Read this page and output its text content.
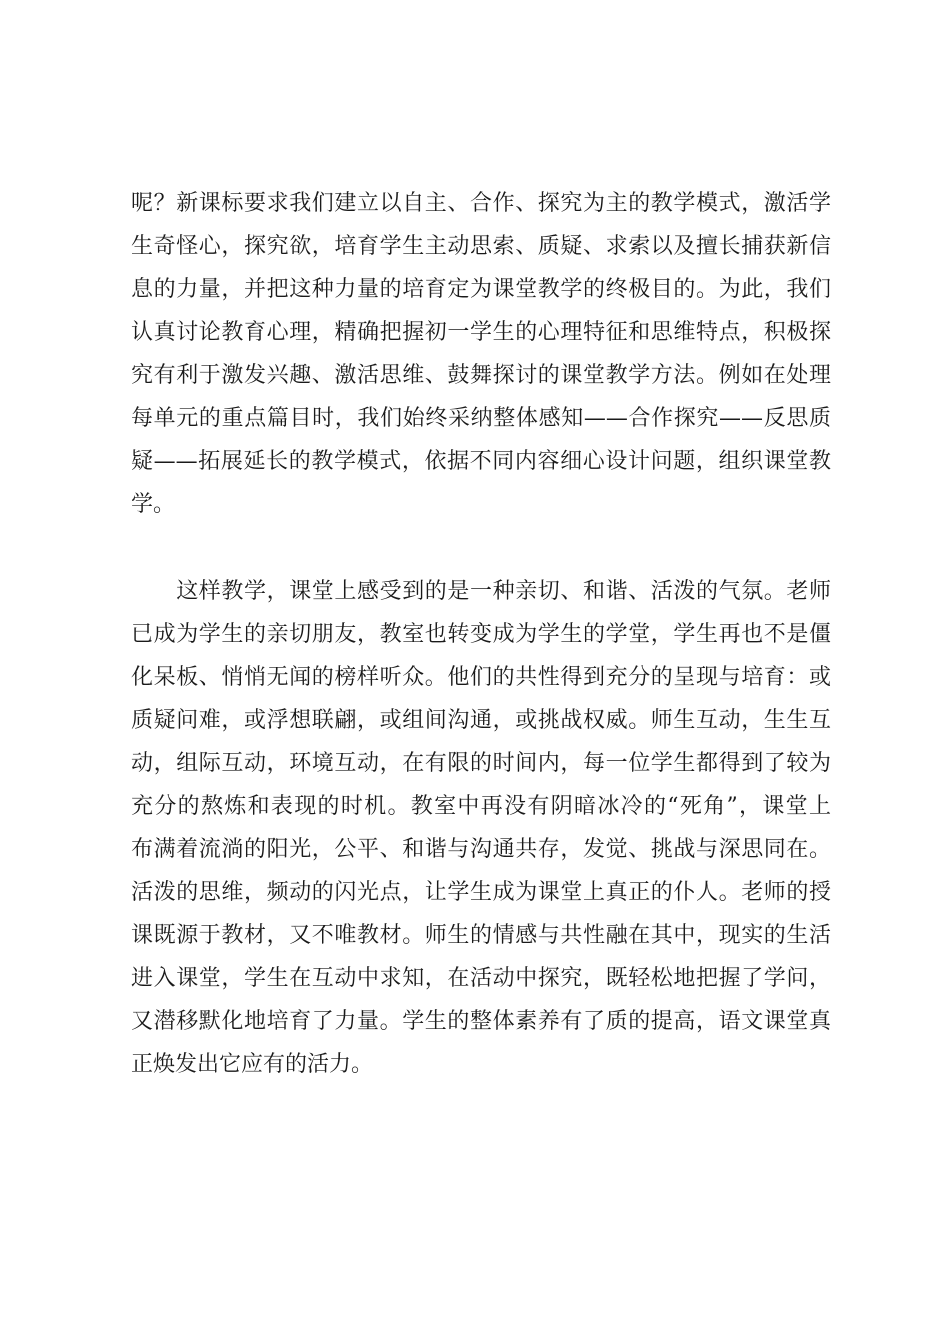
呢？新课标要求我们建立以自主、合作、探究为主的教学模式，激活学
生奇怪心，探究欲，培育学生主动思索、质疑、求索以及擅长捕获新信
息的力量，并把这种力量的培育定为课堂教学的终极目的。为此，我们
认真讨论教育心理，精确把握初一学生的心理特征和思维特点，积极探
究有利于激发兴趣、激活思维、鼓舞探讨的课堂教学方法。例如在处理
每单元的重点篇目时，我们始终采纳整体感知——合作探究——反思质
疑——拓展延长的教学模式，依据不同内容细心设计问题，组织课堂教
学。
　　这样教学，课堂上感受到的是一种亲切、和谐、活泼的气氛。老师
已成为学生的亲切朋友，教室也转变成为学生的学堂，学生再也不是僵
化呆板、悄悄无闻的榜样听众。他们的共性得到充分的呈现与培育：或
质疑问难，或浮想联翩，或组间沟通，或挑战权威。师生互动，生生互
动，组际互动，环境互动，在有限的时间内，每一位学生都得到了较为
充分的熬炼和表现的时机。教室中再没有阴暗冰冷的“死角”，课堂上
布满着流淌的阳光，公平、和谐与沟通共存，发觉、挑战与深思同在。
活泼的思维，频动的闪光点，让学生成为课堂上真正的仆人。老师的授
课既源于教材，又不唯教材。师生的情感与共性融在其中，现实的生活
进入课堂，学生在互动中求知，在活动中探究，既轻松地把握了学问，
又潜移默化地培育了力量。学生的整体素养有了质的提高，语文课堂真
正焕发出它应有的活力。
